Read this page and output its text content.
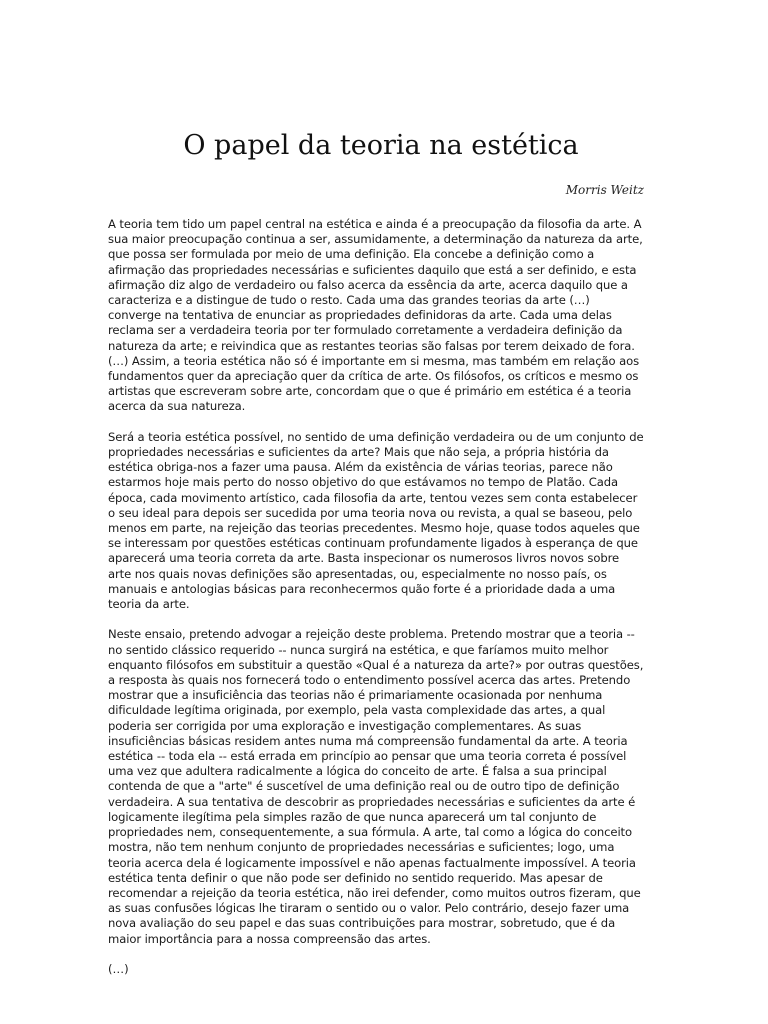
O papel da teoria na estética
Morris Weitz

A teoria tem tido um papel central na estética e ainda é a preocupação da filosofia da arte. A sua maior preocupação continua a ser, assumidamente, a determinação da natureza da arte, que possa ser formulada por meio de uma definição. Ela concebe a definição como a afirmação das propriedades necessárias e suficientes daquilo que está a ser definido, e esta afirmação diz algo de verdadeiro ou falso acerca da essência da arte, acerca daquilo que a caracteriza e a distingue de tudo o resto. Cada uma das grandes teorias da arte (…) converge na tentativa de enunciar as propriedades definidoras da arte. Cada uma delas reclama ser a verdadeira teoria por ter formulado corretamente a verdadeira definição da natureza da arte; e reivindica que as restantes teorias são falsas por terem deixado de fora. (…) Assim, a teoria estética não só é importante em si mesma, mas também em relação aos fundamentos quer da apreciação quer da crítica de arte. Os filósofos, os críticos e mesmo os artistas que escreveram sobre arte, concordam que o que é primário em estética é a teoria acerca da sua natureza.

Será a teoria estética possível, no sentido de uma definição verdadeira ou de um conjunto de propriedades necessárias e suficientes da arte? Mais que não seja, a própria história da estética obriga-nos a fazer uma pausa. Além da existência de várias teorias, parece não estarmos hoje mais perto do nosso objetivo do que estávamos no tempo de Platão. Cada época, cada movimento artístico, cada filosofia da arte, tentou vezes sem conta estabelecer o seu ideal para depois ser sucedida por uma teoria nova ou revista, a qual se baseou, pelo menos em parte, na rejeição das teorias precedentes. Mesmo hoje, quase todos aqueles que se interessam por questões estéticas continuam profundamente ligados à esperança de que aparecerá uma teoria correta da arte. Basta inspecionar os numerosos livros novos sobre arte nos quais novas definições são apresentadas, ou, especialmente no nosso país, os manuais e antologias básicas para reconhecermos quão forte é a prioridade dada a uma teoria da arte.

Neste ensaio, pretendo advogar a rejeição deste problema. Pretendo mostrar que a teoria -- no sentido clássico requerido -- nunca surgirá na estética, e que faríamos muito melhor enquanto filósofos em substituir a questão «Qual é a natureza da arte?» por outras questões, a resposta às quais nos fornecerá todo o entendimento possível acerca das artes. Pretendo mostrar que a insuficiência das teorias não é primariamente ocasionada por nenhuma dificuldade legítima originada, por exemplo, pela vasta complexidade das artes, a qual poderia ser corrigida por uma exploração e investigação complementares. As suas insuficiências básicas residem antes numa má compreensão fundamental da arte. A teoria estética -- toda ela -- está errada em princípio ao pensar que uma teoria correta é possível uma vez que adultera radicalmente a lógica do conceito de arte. É falsa a sua principal contenda de que a "arte" é suscetível de uma definição real ou de outro tipo de definição verdadeira. A sua tentativa de descobrir as propriedades necessárias e suficientes da arte é logicamente ilegítima pela simples razão de que nunca aparecerá um tal conjunto de propriedades nem, consequentemente, a sua fórmula. A arte, tal como a lógica do conceito mostra, não tem nenhum conjunto de propriedades necessárias e suficientes; logo, uma teoria acerca dela é logicamente impossível e não apenas factualmente impossível. A teoria estética tenta definir o que não pode ser definido no sentido requerido. Mas apesar de recomendar a rejeição da teoria estética, não irei defender, como muitos outros fizeram, que as suas confusões lógicas lhe tiraram o sentido ou o valor. Pelo contrário, desejo fazer uma nova avaliação do seu papel e das suas contribuições para mostrar, sobretudo, que é da maior importância para a nossa compreensão das artes.

(…)
